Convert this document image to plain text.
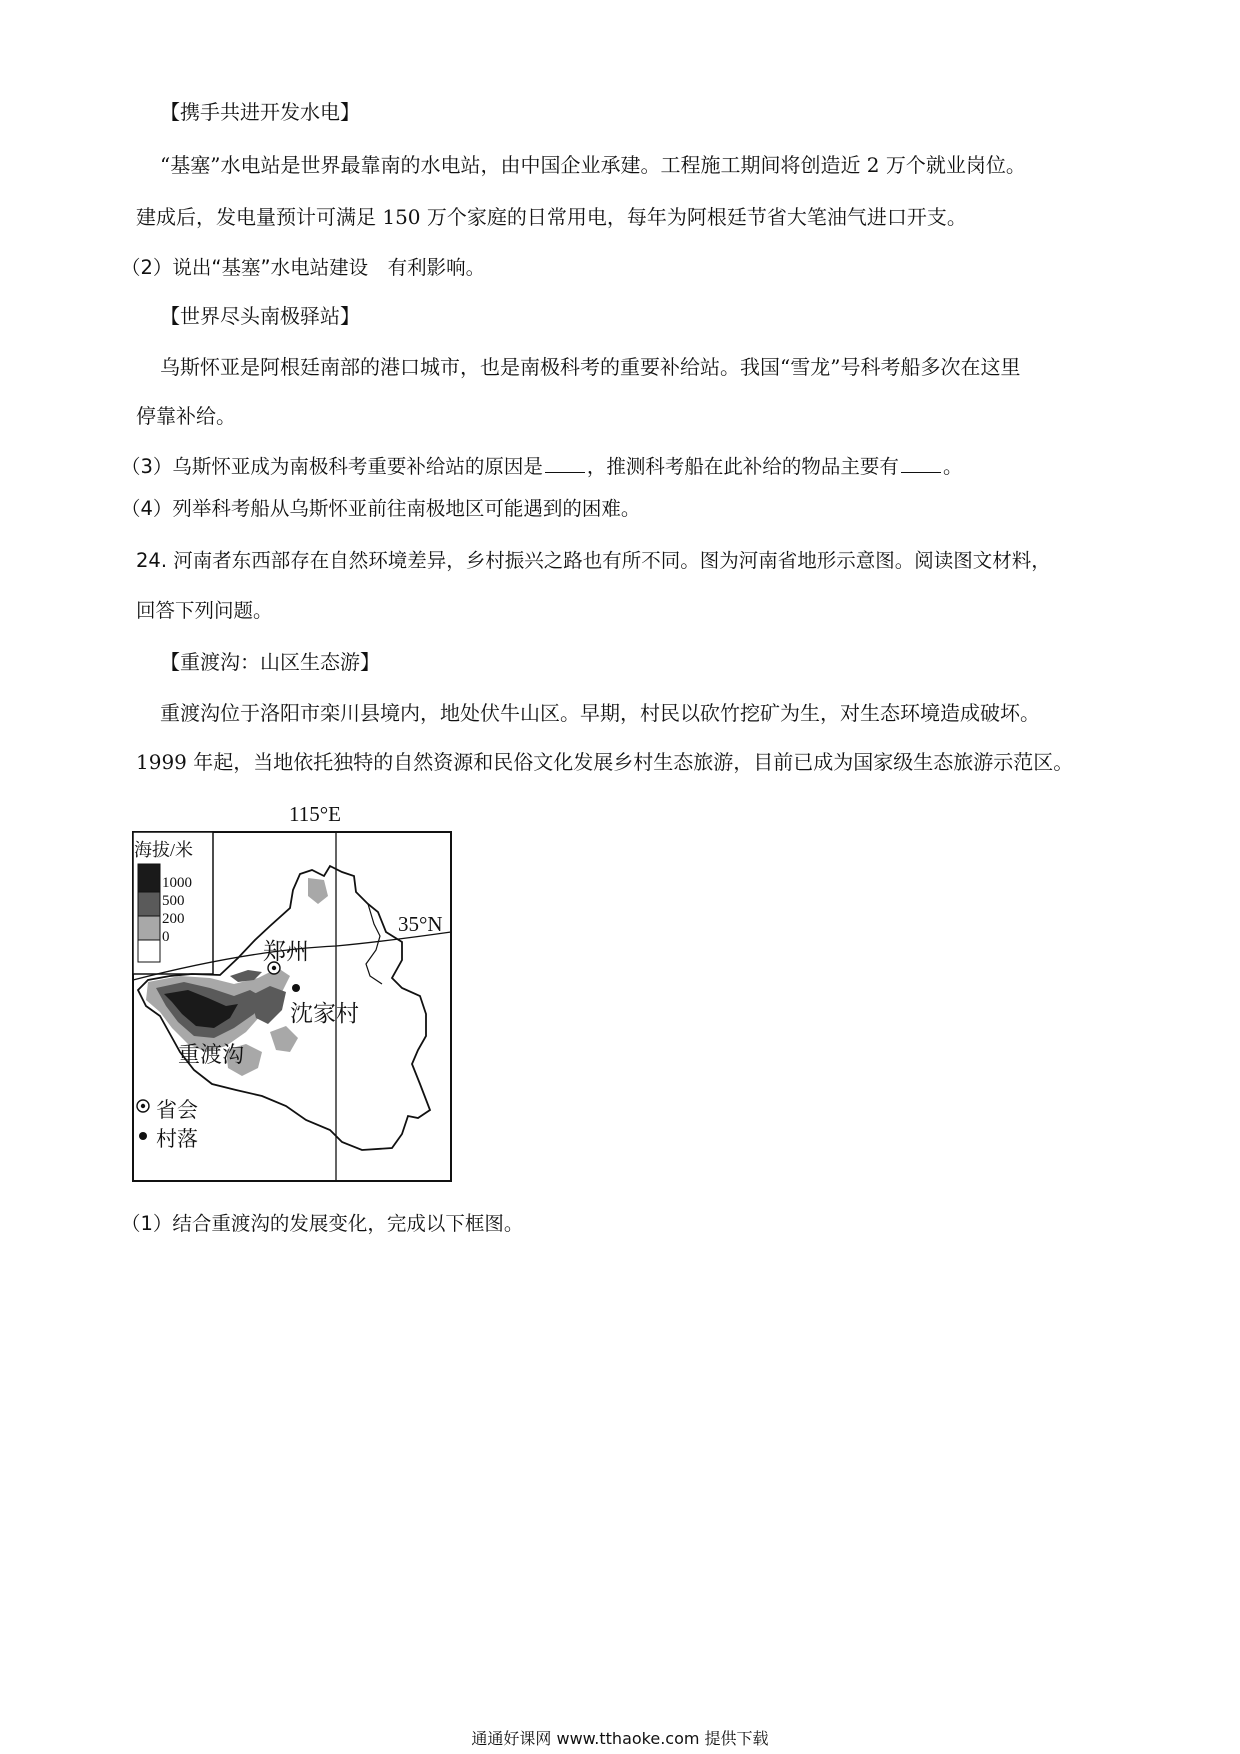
【携手共进开发水电】
“基塞”水电站是世界最靠南的水电站，由中国企业承建。工程施工期间将创造近 2 万个就业岗位。
建成后，发电量预计可满足 150 万个家庭的日常用电，每年为阿根廷节省大笔油气进口开支。
（2）说出“基塞”水电站建设　有利影响。
【世界尽头南极驿站】
乌斯怀亚是阿根廷南部的港口城市，也是南极科考的重要补给站。我国“雪龙”号科考船多次在这里
停靠补给。
（3）乌斯怀亚成为南极科考重要补给站的原因是 ，推测科考船在此补给的物品主要有 。
（4）列举科考船从乌斯怀亚前往南极地区可能遇到的困难。
24. 河南者东西部存在自然环境差异，乡村振兴之路也有所不同。图为河南省地形示意图。阅读图文材料，
回答下列问题。
【重渡沟：山区生态游】
重渡沟位于洛阳市栾川县境内，地处伏牛山区。早期，村民以砍竹挖矿为生，对生态环境造成破坏。
1999 年起，当地依托独特的自然资源和民俗文化发展乡村生态旅游，目前已成为国家级生态旅游示范区。
115°E
35°N
海拔/米
1000
500
200
0
郑州
沈家村
重渡沟
省会
村落
（1）结合重渡沟的发展变化，完成以下框图。
通通好课网 www.tthaoke.com 提供下载
